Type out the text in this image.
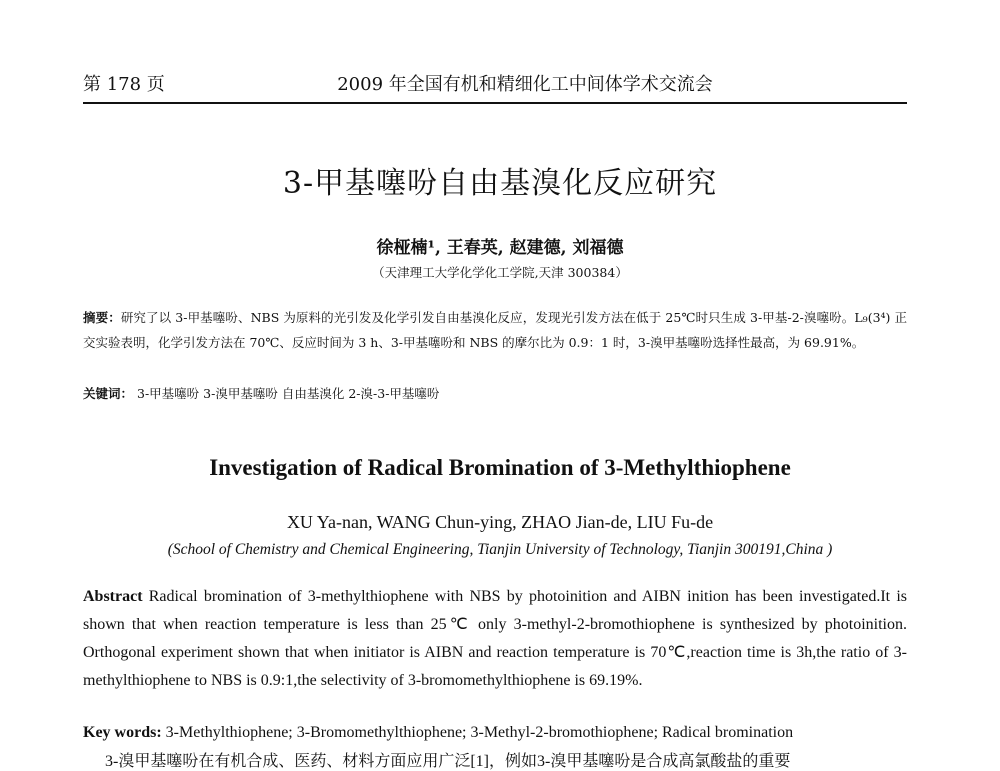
第 178 页	2009 年全国有机和精细化工中间体学术交流会
3-甲基噻吩自由基溴化反应研究
徐桠楠¹, 王春英, 赵建德, 刘福德
（天津理工大学化学化工学院,天津 300384）
摘要：研究了以 3-甲基噻吩、NBS 为原料的光引发及化学引发自由基溴化反应，发现光引发方法在低于 25℃时只生成 3-甲基-2-溴噻吩。L₉(3⁴) 正交实验表明，化学引发方法在 70℃、反应时间为 3 h、3-甲基噻吩和 NBS 的摩尔比为 0.9：1 时，3-溴甲基噻吩选择性最高，为 69.91%。
关键词： 3-甲基噻吩 3-溴甲基噻吩 自由基溴化 2-溴-3-甲基噻吩
Investigation of Radical Bromination of 3-Methylthiophene
XU Ya-nan, WANG Chun-ying, ZHAO Jian-de, LIU Fu-de
(School of Chemistry and Chemical Engineering, Tianjin University of Technology, Tianjin 300191,China )
Abstract Radical bromination of 3-methylthiophene with NBS by photoinition and AIBN inition has been investigated.It is shown that when reaction temperature is less than 25℃ only 3-methyl-2-bromothiophene is synthesized by photoinition. Orthogonal experiment shown that when initiator is AIBN and reaction temperature is 70℃,reaction time is 3h,the ratio of 3-methylthiophene to NBS is 0.9:1,the selectivity of 3-bromomethylthiophene is 69.19%.
Key words: 3-Methylthiophene; 3-Bromomethylthiophene; 3-Methyl-2-bromothiophene; Radical bromination
3-溴甲基噻吩在有机合成、医药、材料方面应用广泛[1]，例如3-溴甲基噻吩是合成高氯酸盐的重要
